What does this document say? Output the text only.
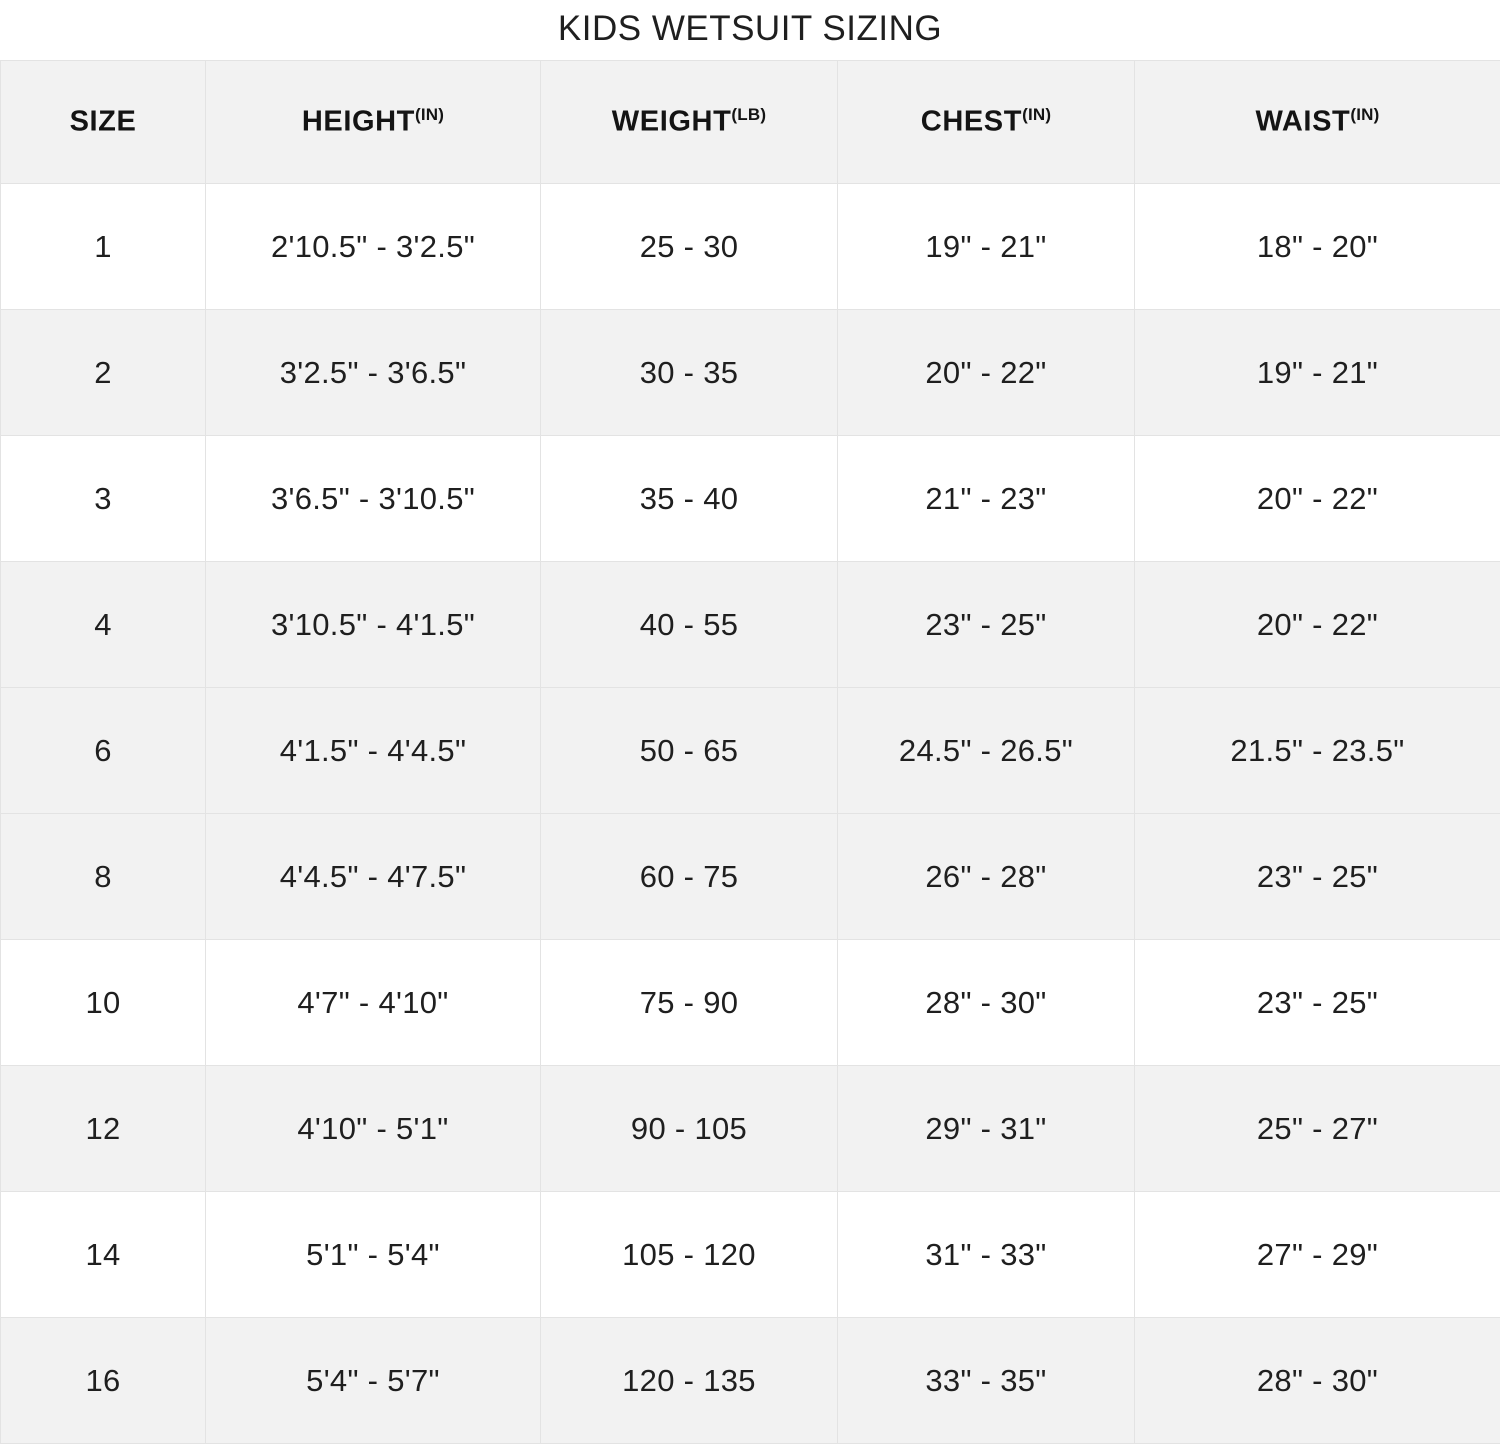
KIDS WETSUIT SIZING
SIZE	$HEIGHT^{(IN)}$	$WEIGHT^{(LB)}$	$CHEST^{(IN)}$	$WAIST^{(IN)}$
1	2'10.5" - 3'2.5"	25 - 30	19" - 21"	18" - 20"
2	3'2.5" - 3'6.5"	30 - 35	20" - 22"	19" - 21"
3	3'6.5" - 3'10.5"	35 - 40	21" - 23"	20" - 22"
4	3'10.5" - 4'1.5"	40 - 55	23" - 25"	20" - 22"
6	4'1.5" - 4'4.5"	50 - 65	24.5" - 26.5"	21.5" - 23.5"
8	4'4.5" - 4'7.5"	60 - 75	26" - 28"	23" - 25"
10	4'7" - 4'10"	75 - 90	28" - 30"	23" - 25"
12	4'10" - 5'1"	90 - 105	29" - 31"	25" - 27"
14	5'1" - 5'4"	105 - 120	31" - 33"	27" - 29"
16	5'4" - 5'7"	120 - 135	33" - 35"	28" - 30"
